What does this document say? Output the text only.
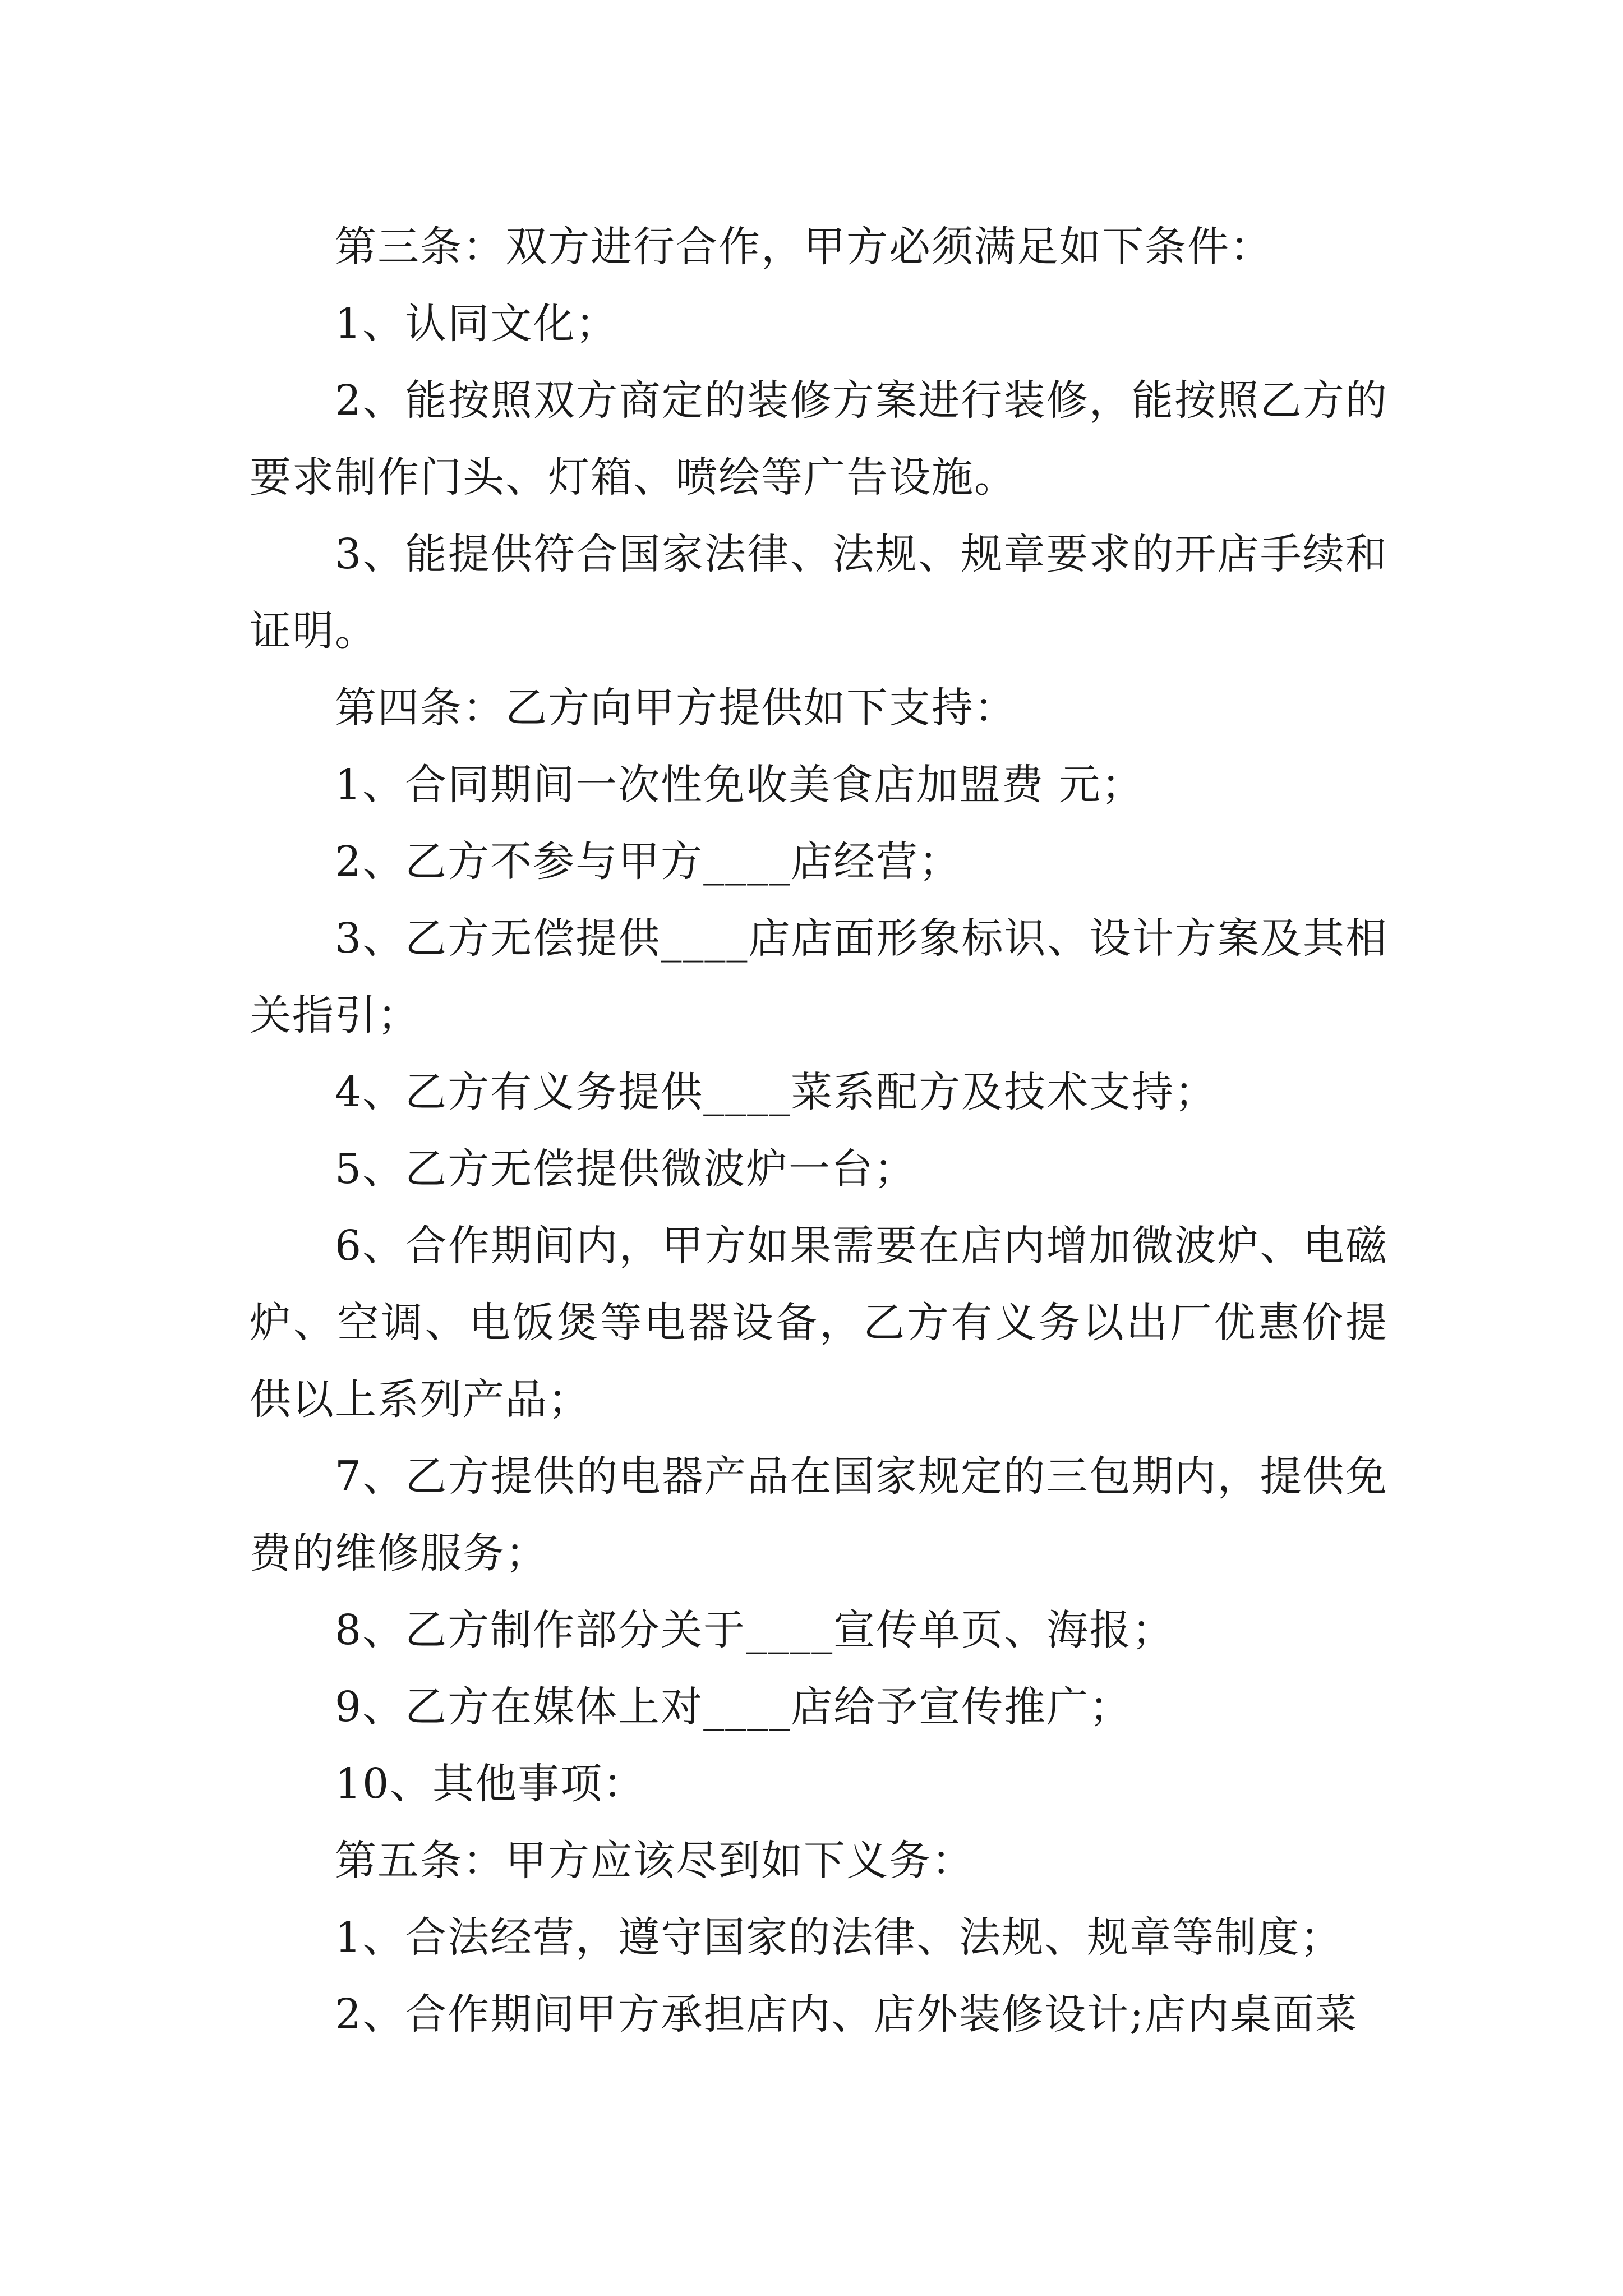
第三条：双方进行合作，甲方必须满足如下条件：

1、认同文化；

2、能按照双方商定的装修方案进行装修，能按照乙方的要求制作门头、灯箱、喷绘等广告设施。

3、能提供符合国家法律、法规、规章要求的开店手续和证明。

第四条：乙方向甲方提供如下支持：

1、合同期间一次性免收美食店加盟费 元；

2、乙方不参与甲方____店经营；

3、乙方无偿提供____店店面形象标识、设计方案及其相关指引；

4、乙方有义务提供____菜系配方及技术支持；

5、乙方无偿提供微波炉一台；

6、合作期间内，甲方如果需要在店内增加微波炉、电磁炉、空调、电饭煲等电器设备，乙方有义务以出厂优惠价提供以上系列产品；

7、乙方提供的电器产品在国家规定的三包期内，提供免费的维修服务；

8、乙方制作部分关于____宣传单页、海报；

9、乙方在媒体上对____店给予宣传推广；

10、其他事项：

第五条：甲方应该尽到如下义务：

1、合法经营，遵守国家的法律、法规、规章等制度；

2、合作期间甲方承担店内、店外装修设计;店内桌面菜
